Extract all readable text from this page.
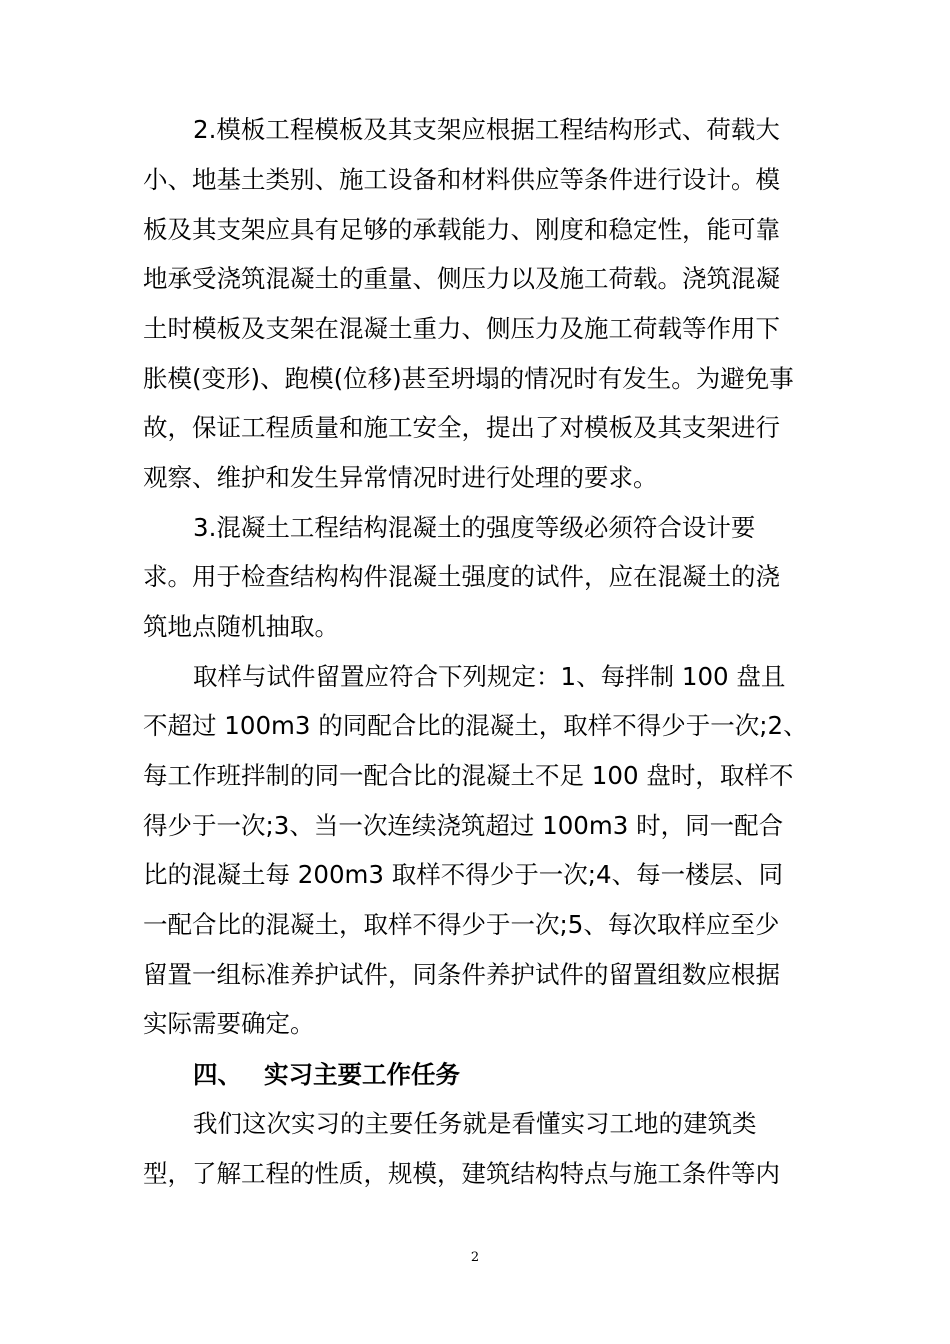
2.模板工程模板及其支架应根据工程结构形式、荷载大
小、地基土类别、施工设备和材料供应等条件进行设计。模
板及其支架应具有足够的承载能力、刚度和稳定性，能可靠
地承受浇筑混凝土的重量、侧压力以及施工荷载。浇筑混凝
土时模板及支架在混凝土重力、侧压力及施工荷载等作用下
胀模(变形)、跑模(位移)甚至坍塌的情况时有发生。为避免事
故，保证工程质量和施工安全，提出了对模板及其支架进行
观察、维护和发生异常情况时进行处理的要求。
3.混凝土工程结构混凝土的强度等级必须符合设计要
求。用于检查结构构件混凝土强度的试件，应在混凝土的浇
筑地点随机抽取。
取样与试件留置应符合下列规定：1、每拌制 100 盘且
不超过 100m3 的同配合比的混凝土，取样不得少于一次;2、
每工作班拌制的同一配合比的混凝土不足 100 盘时，取样不
得少于一次;3、当一次连续浇筑超过 100m3 时，同一配合
比的混凝土每 200m3 取样不得少于一次;4、每一楼层、同
一配合比的混凝土，取样不得少于一次;5、每次取样应至少
留置一组标准养护试件，同条件养护试件的留置组数应根据
实际需要确定。
四、 实习主要工作任务
我们这次实习的主要任务就是看懂实习工地的建筑类
型，了解工程的性质，规模，建筑结构特点与施工条件等内
2
